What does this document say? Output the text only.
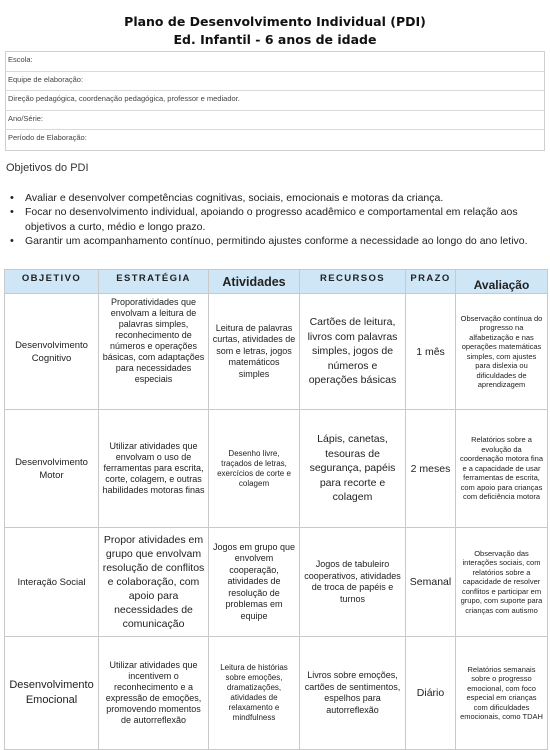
Plano de Desenvolvimento Individual (PDI)
Ed. Infantil - 6 anos de idade
Escola:
Equipe de elaboração:
Direção pedagógica, coordenação pedagógica, professor e mediador.
Ano/Série:
Período de Elaboração:
Objetivos do PDI
• Avaliar e desenvolver competências cognitivas, sociais, emocionais e motoras da criança.
• Focar no desenvolvimento individual, apoiando o progresso acadêmico e comportamental em relação aos objetivos a curto, médio e longo prazo.
• Garantir um acompanhamento contínuo, permitindo ajustes conforme a necessidade ao longo do ano letivo.
OBJETIVO	ESTRATÉGIA	Atividades	RECURSOS	PRAZO	Avaliação
Desenvolvimento Cognitivo	Proporatividades que envolvam a leitura de palavras simples, reconhecimento de números e operações básicas, com adaptações para necessidades especiais	Leitura de palavras curtas, atividades de som e letras, jogos matemáticos simples	Cartões de leitura, livros com palavras simples, jogos de números e operações básicas	1 mês	Observação contínua do progresso na alfabetização e nas operações matemáticas simples, com ajustes para dislexia ou dificuldades de aprendizagem
Desenvolvimento Motor	Utilizar atividades que envolvam o uso de ferramentas para escrita, corte, colagem, e outras habilidades motoras finas	Desenho livre, traçados de letras, exercícios de corte e colagem	Lápis, canetas, tesouras de segurança, papéis para recorte e colagem	2 meses	Relatórios sobre a evolução da coordenação motora fina e a capacidade de usar ferramentas de escrita, com apoio para crianças com deficiência motora
Interação Social	Propor atividades em grupo que envolvam resolução de conflitos e colaboração, com apoio para necessidades de comunicação	Jogos em grupo que envolvem cooperação, atividades de resolução de problemas em equipe	Jogos de tabuleiro cooperativos, atividades de troca de papéis e turnos	Semanal	Observação das interações sociais, com relatórios sobre a capacidade de resolver conflitos e participar em grupo, com suporte para crianças com autismo
Desenvolvimento Emocional	Utilizar atividades que incentivem o reconhecimento e a expressão de emoções, promovendo momentos de autorreflexão	Leitura de histórias sobre emoções, dramatizações, atividades de relaxamento e mindfulness	Livros sobre emoções, cartões de sentimentos, espelhos para autorreflexão	Diário	Relatórios semanais sobre o progresso emocional, com foco especial em crianças com dificuldades emocionais, como TDAH
